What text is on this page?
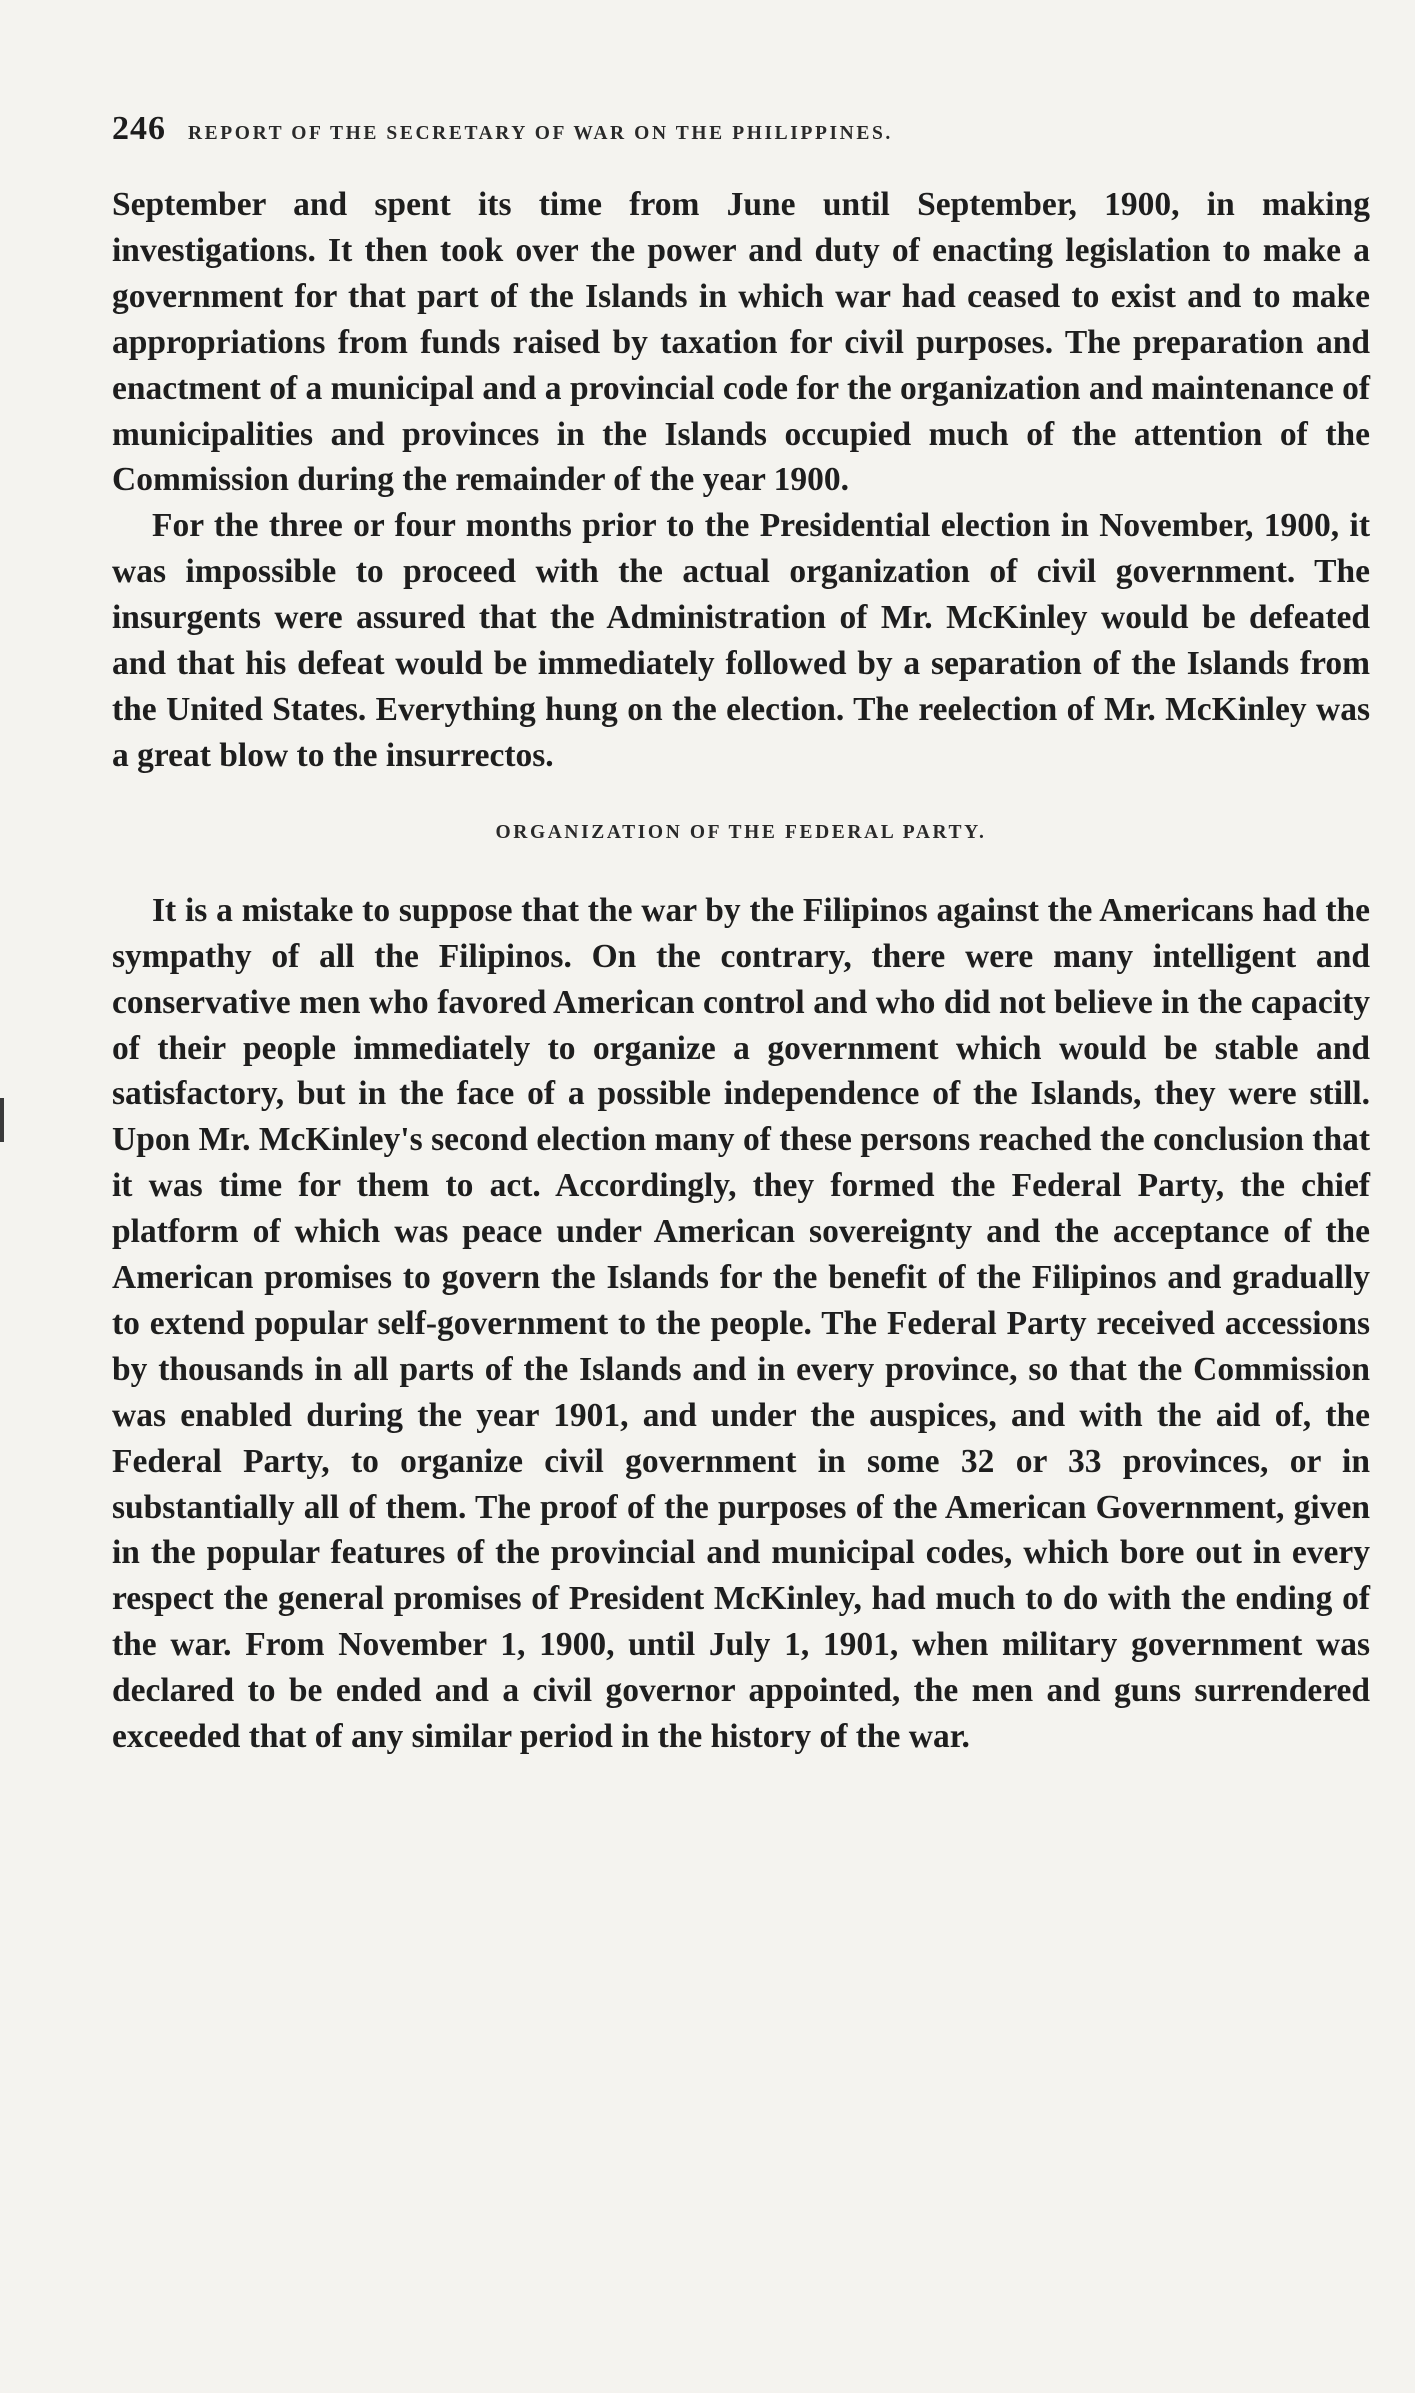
246 REPORT OF THE SECRETARY OF WAR ON THE PHILIPPINES.

September and spent its time from June until September, 1900, in making investigations. It then took over the power and duty of enacting legislation to make a government for that part of the Islands in which war had ceased to exist and to make appropriations from funds raised by taxation for civil purposes. The preparation and enactment of a municipal and a provincial code for the organization and maintenance of municipalities and provinces in the Islands occupied much of the attention of the Commission during the remainder of the year 1900.

For the three or four months prior to the Presidential election in November, 1900, it was impossible to proceed with the actual organization of civil government. The insurgents were assured that the Administration of Mr. McKinley would be defeated and that his defeat would be immediately followed by a separation of the Islands from the United States. Everything hung on the election. The reelection of Mr. McKinley was a great blow to the insurrectos.

ORGANIZATION OF THE FEDERAL PARTY.

It is a mistake to suppose that the war by the Filipinos against the Americans had the sympathy of all the Filipinos. On the contrary, there were many intelligent and conservative men who favored American control and who did not believe in the capacity of their people immediately to organize a government which would be stable and satisfactory, but in the face of a possible independence of the Islands, they were still. Upon Mr. McKinley's second election many of these persons reached the conclusion that it was time for them to act. Accordingly, they formed the Federal Party, the chief platform of which was peace under American sovereignty and the acceptance of the American promises to govern the Islands for the benefit of the Filipinos and gradually to extend popular self-government to the people. The Federal Party received accessions by thousands in all parts of the Islands and in every province, so that the Commission was enabled during the year 1901, and under the auspices, and with the aid of, the Federal Party, to organize civil government in some 32 or 33 provinces, or in substantially all of them. The proof of the purposes of the American Government, given in the popular features of the provincial and municipal codes, which bore out in every respect the general promises of President McKinley, had much to do with the ending of the war. From November 1, 1900, until July 1, 1901, when military government was declared to be ended and a civil governor appointed, the men and guns surrendered exceeded that of any similar period in the history of the war.
